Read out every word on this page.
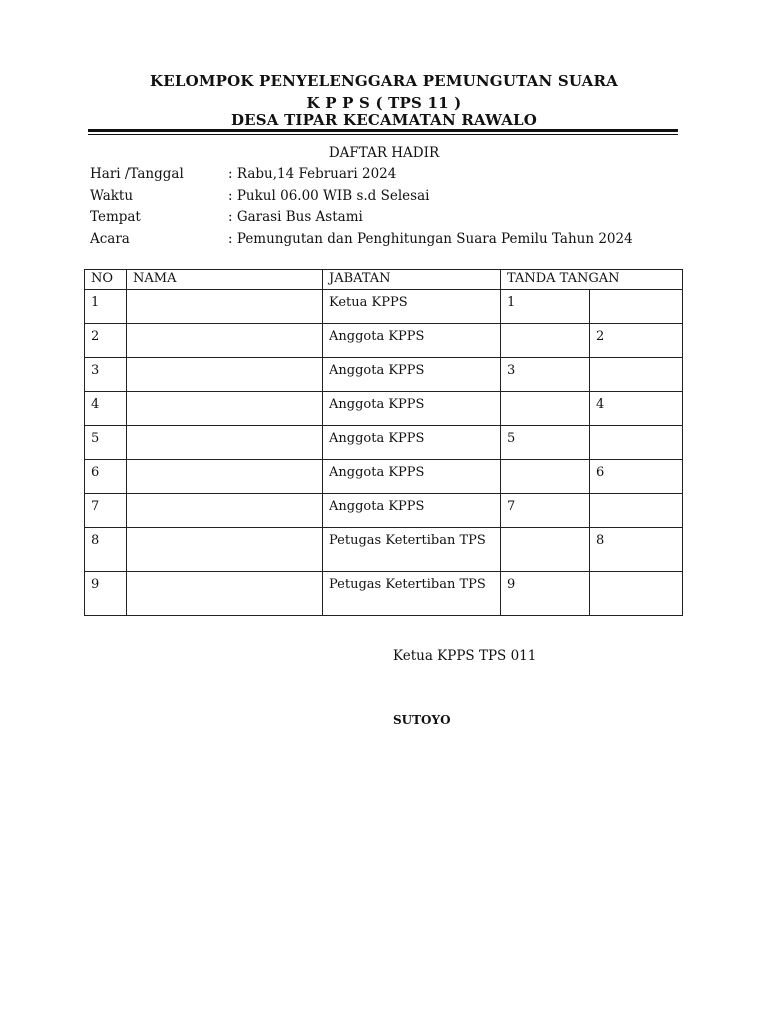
KELOMPOK PENYELENGGARA PEMUNGUTAN SUARA
K P P S ( TPS 11 )
DESA TIPAR KECAMATAN RAWALO
DAFTAR HADIR
Hari /Tanggal	: Rabu,14 Februari 2024
Waktu	: Pukul 06.00 WIB s.d Selesai
Tempat	: Garasi Bus Astami
Acara	: Pemungutan dan Penghitungan Suara Pemilu Tahun 2024
NO	NAMA	JABATAN	TANDA TANGAN	
1		Ketua KPPS	1	
2		Anggota KPPS		2
3		Anggota KPPS	3	
4		Anggota KPPS		4
5		Anggota KPPS	5	
6		Anggota KPPS		6
7		Anggota KPPS	7	
8		Petugas Ketertiban TPS		8
9		Petugas Ketertiban TPS	9	
Ketua KPPS TPS 011
SUTOYO
